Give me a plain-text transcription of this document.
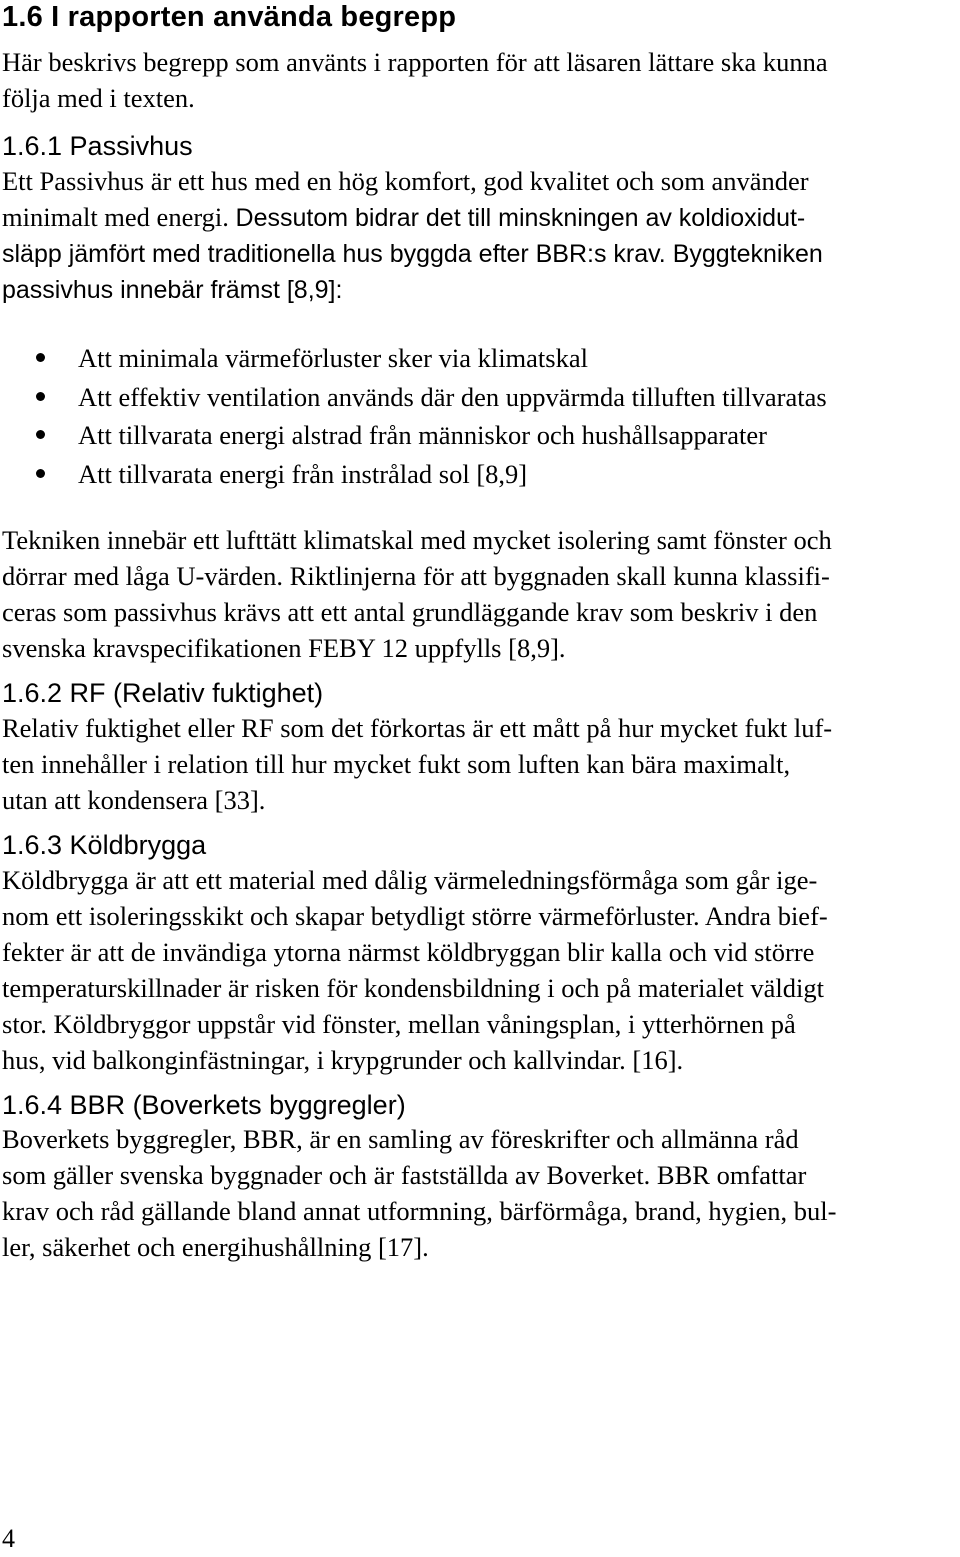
1.6 I rapporten använda begrepp
Här beskrivs begrepp som använts i rapporten för att läsaren lättare ska kunna
följa med i texten.
1.6.1 Passivhus
Ett Passivhus är ett hus med en hög komfort, god kvalitet och som använder
minimalt med energi. Dessutom bidrar det till minskningen av koldioxidut-
släpp jämfört med traditionella hus byggda efter BBR:s krav. Byggtekniken
passivhus innebär främst [8,9]:
Att minimala värmeförluster sker via klimatskal
Att effektiv ventilation används där den uppvärmda tilluften tillvaratas
Att tillvarata energi alstrad från människor och hushållsapparater
Att tillvarata energi från instrålad sol [8,9]
Tekniken innebär ett lufttätt klimatskal med mycket isolering samt fönster och
dörrar med låga U-värden. Riktlinjerna för att byggnaden skall kunna klassifi-
ceras som passivhus krävs att ett antal grundläggande krav som beskriv i den
svenska kravspecifikationen FEBY 12 uppfylls [8,9].
1.6.2 RF (Relativ fuktighet)
Relativ fuktighet eller RF som det förkortas är ett mått på hur mycket fukt luf-
ten innehåller i relation till hur mycket fukt som luften kan bära maximalt,
utan att kondensera [33].
1.6.3 Köldbrygga
Köldbrygga är att ett material med dålig värmeledningsförmåga som går ige-
nom ett isoleringsskikt och skapar betydligt större värmeförluster. Andra bief-
fekter är att de invändiga ytorna närmst köldbryggan blir kalla och vid större
temperaturskillnader är risken för kondensbildning i och på materialet väldigt
stor. Köldbryggor uppstår vid fönster, mellan våningsplan, i ytterhörnen på
hus, vid balkonginfästningar, i krypgrunder och kallvindar. [16].
1.6.4 BBR (Boverkets byggregler)
Boverkets byggregler, BBR, är en samling av föreskrifter och allmänna råd
som gäller svenska byggnader och är fastställda av Boverket. BBR omfattar
krav och råd gällande bland annat utformning, bärförmåga, brand, hygien, bul-
ler, säkerhet och energihushållning [17].
4
